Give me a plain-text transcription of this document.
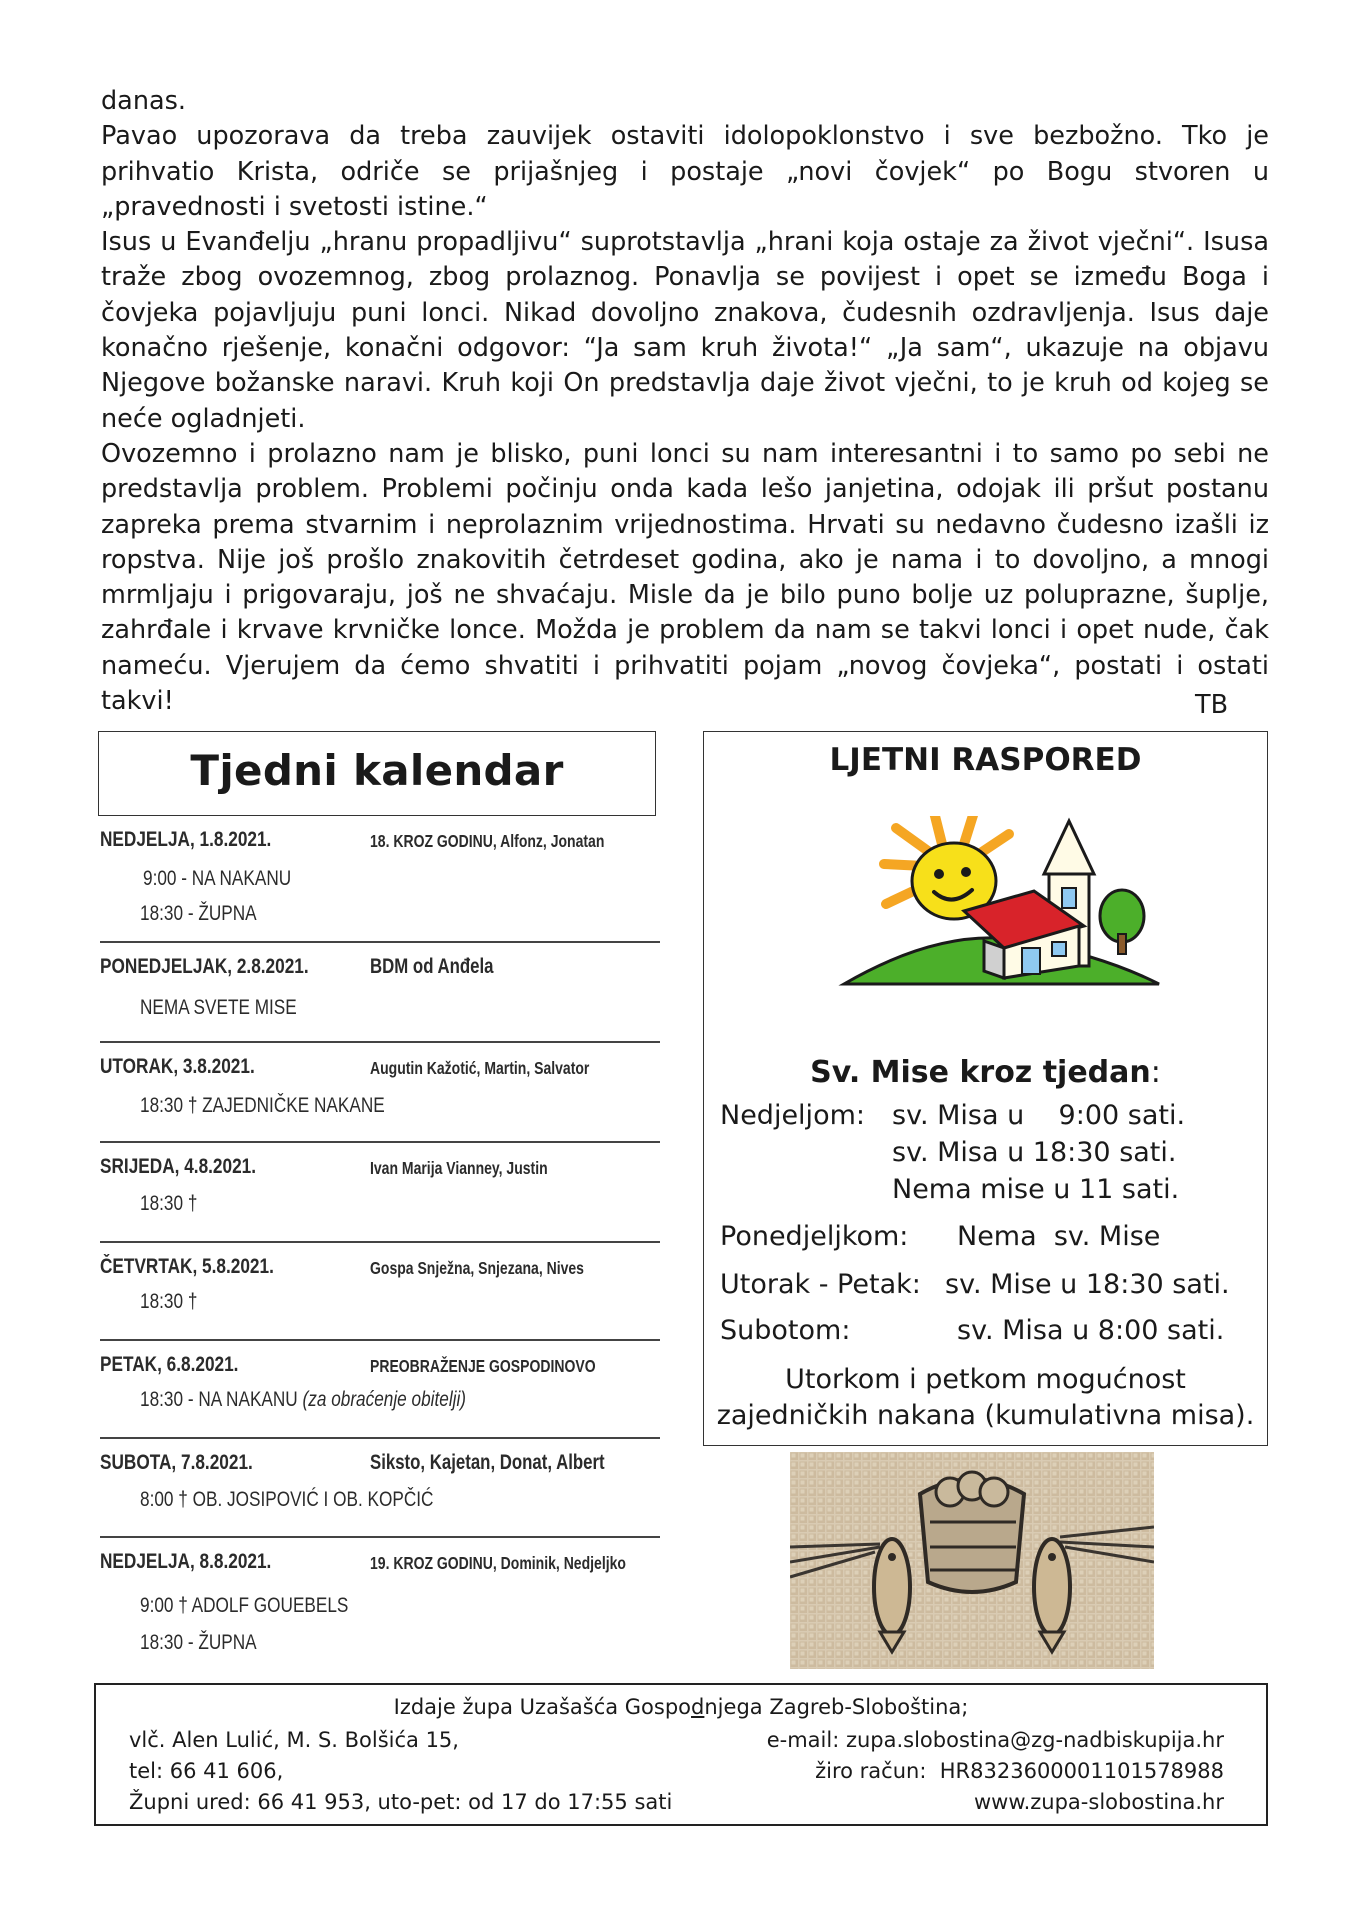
danas.

Pavao upozorava da treba zauvijek ostaviti idolopoklonstvo i sve bezbožno. Tko je prihvatio Krista, odriče se prijašnjeg i postaje „novi čovjek“ po Bogu stvoren u „pravednosti i svetosti istine.“

Isus u Evanđelju „hranu propadljivu“ suprotstavlja „hrani koja ostaje za život vječni“. Isusa traže zbog ovozemnog, zbog prolaznog. Ponavlja se povijest i opet se između Boga i čovjeka pojavljuju puni lonci. Nikad dovoljno znakova, čudesnih ozdravljenja. Isus daje konačno rješenje, konačni odgovor: “Ja sam kruh života!“ „Ja sam“, ukazuje na objavu Njegove božanske naravi. Kruh koji On predstavlja daje život vječni, to je kruh od kojeg se neće ogladnjeti.

Ovozemno i prolazno nam je blisko, puni lonci su nam interesantni i to samo po sebi ne predstavlja problem. Problemi počinju onda kada lešo janjetina, odojak ili pršut postanu zapreka prema stvarnim i neprolaznim vrijednostima. Hrvati su nedavno čudesno izašli iz ropstva. Nije još prošlo znakovitih četrdeset godina, ako je nama i to dovoljno, a mnogi mrmljaju i prigovaraju, još ne shvaćaju. Misle da je bilo puno bolje uz poluprazne, šuplje, zahrđale i krvave krvničke lonce. Možda je problem da nam se takvi lonci i opet nude, čak nameću. Vjerujem da ćemo shvatiti i prihvatiti pojam „novog čovjeka“, postati i ostati takvi!	TB
Tjedni kalendar
NEDJELJA, 1.8.2021.	18. KROZ GODINU, Alfonz, Jonatan
9:00 - NA NAKANU
18:30 - ŽUPNA
PONEDJELJAK, 2.8.2021.	BDM od Anđela
NEMA SVETE MISE
UTORAK, 3.8.2021.	Augutin Kažotić, Martin, Salvator
18:30 † ZAJEDNIČKE NAKANE
SRIJEDA, 4.8.2021.	Ivan Marija Vianney, Justin
18:30 †
ČETVRTAK, 5.8.2021.	Gospa Snježna, Snjezana, Nives
18:30 †
PETAK, 6.8.2021.	PREOBRAŽENJE GOSPODINOVO
18:30 - NA NAKANU (za obraćenje obitelji)
SUBOTA, 7.8.2021.	Siksto, Kajetan, Donat, Albert
8:00 † OB. JOSIPOVIĆ I OB. KOPČIĆ
NEDJELJA, 8.8.2021.	19. KROZ GODINU, Dominik, Nedjeljko
9:00 † ADOLF GOUEBELS
18:30 - ŽUPNA
LJETNI RASPORED
Sv. Mise kroz tjedan:
Nedjeljom: sv. Misa u    9:00 sati.
sv. Misa u 18:30 sati.
Nema mise u 11 sati.
Ponedjeljkom: Nema  sv. Mise
Utorak - Petak: sv. Mise u 18:30 sati.
Subotom:	sv. Misa u 8:00 sati.
Utorkom i petkom mogućnost
zajedničkih nakana (kumulativna misa).
Izdaje župa Uzašašća Gospodnjega Zagreb-Sloboština;
vlč. Alen Lulić, M. S. Bolšića 15,	e-mail: zupa.slobostina@zg-nadbiskupija.hr
tel: 66 41 606,	žiro račun:  HR8323600001101578988
Župni ured: 66 41 953, uto-pet: od 17 do 17:55 sati	www.zupa-slobostina.hr
